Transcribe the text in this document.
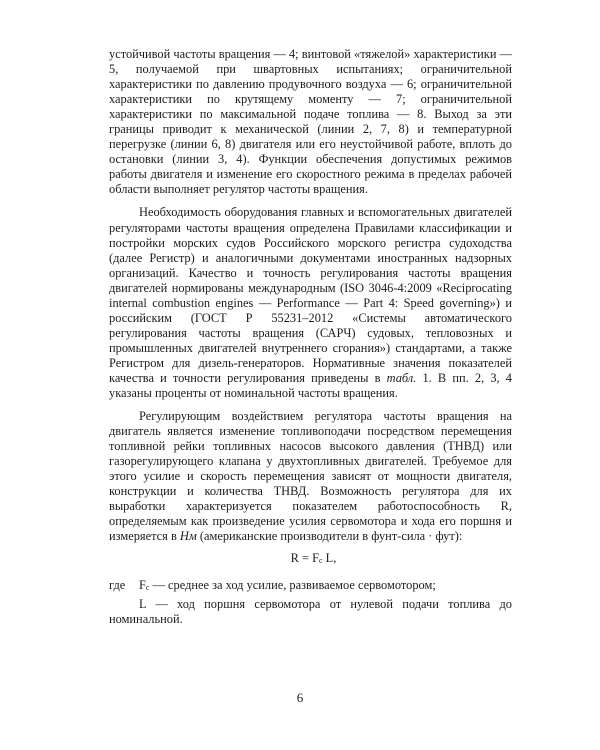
устойчивой частоты вращения — 4; винтовой «тяжелой» характеристики — 5, получаемой при швартовных испытаниях; ограничительной характеристики по давлению продувочного воздуха — 6; ограничительной характеристики по крутящему моменту — 7; ограничительной характеристики по максимальной подаче топлива — 8. Выход за эти границы приводит к механической (линии 2, 7, 8) и температурной перегрузке (линии 6, 8) двигателя или его неустойчивой работе, вплоть до остановки (линии 3, 4). Функции обеспечения допустимых режимов работы двигателя и изменение его скоростного режима в пределах рабочей области выполняет регулятор частоты вращения.

Необходимость оборудования главных и вспомогательных двигателей регуляторами частоты вращения определена Правилами классификации и постройки морских судов Российского морского регистра судоходства (далее Регистр) и аналогичными документами иностранных надзорных организаций. Качество и точность регулирования частоты вращения двигателей нормированы международным (ISO 3046-4:2009 «Reciprocating internal combustion engines — Performance — Part 4: Speed governing») и российским (ГОСТ Р 55231–2012 «Системы автоматического регулирования частоты вращения (САРЧ) судовых, тепловозных и промышленных двигателей внутреннего сгорания») стандартами, а также Регистром для дизель-генераторов. Нормативные значения показателей качества и точности регулирования приведены в табл. 1. В пп. 2, 3, 4 указаны проценты от номинальной частоты вращения.

Регулирующим воздействием регулятора частоты вращения на двигатель является изменение топливоподачи посредством перемещения топливной рейки топливных насосов высокого давления (ТНВД) или газорегулирующего клапана у двухтопливных двигателей. Требуемое для этого усилие и скорость перемещения зависят от мощности двигателя, конструкции и количества ТНВД. Возможность регулятора для их выработки характеризуется показателем работоспособность R, определяемым как произведение усилия сервомотора и хода его поршня и измеряется в Нм (американские производители в фунт-сила · фут):

$R = F_c$ L,

где $F_c$ — среднее за ход усилие, развиваемое сервомотором;

L — ход поршня сервомотора от нулевой подачи топлива до номинальной.

6
